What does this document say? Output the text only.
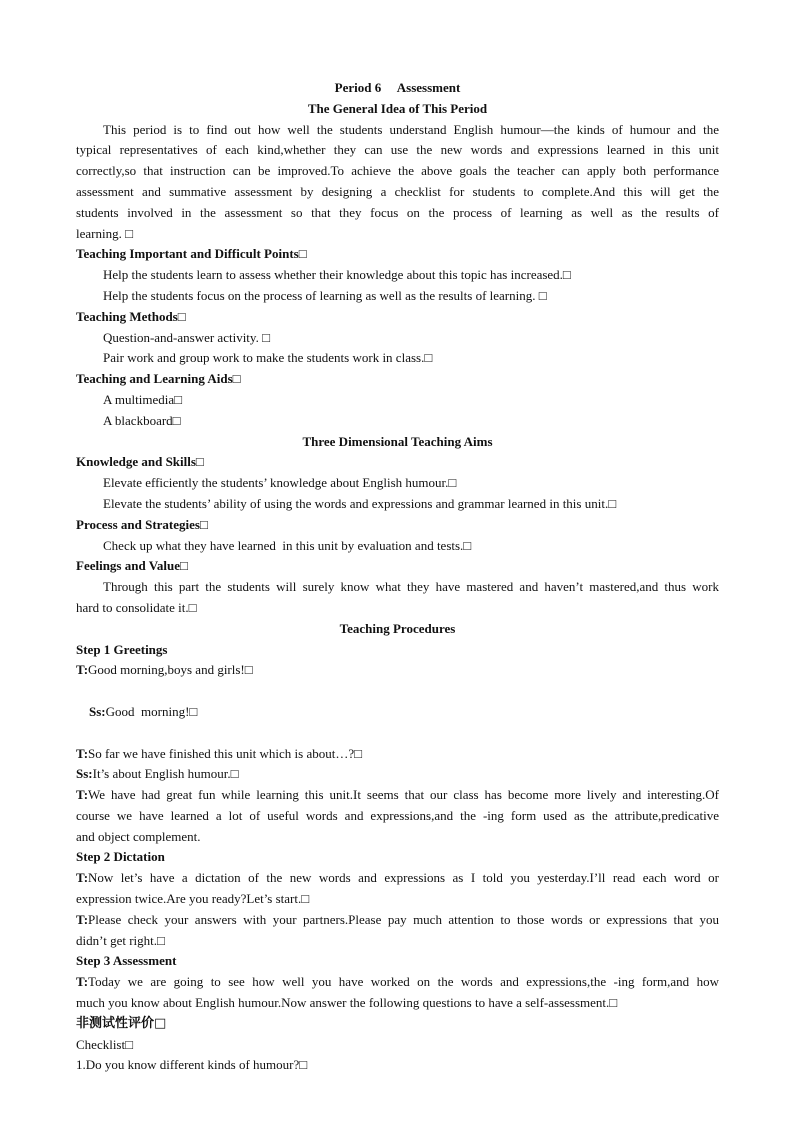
Period 6     Assessment
The General Idea of This Period
This period is to find out how well the students understand English humour—the kinds of humour and the
typical representatives of each kind,whether they can use the new words and expressions learned in this unit
correctly,so that instruction can be improved.To achieve the above goals the teacher can apply both performance
assessment and summative assessment by designing a checklist for students to complete.And this will get the
students involved in the assessment so that they focus on the process of learning as well as the results of
learning. □
Teaching Important and Difficult Points□
Help the students learn to assess whether their knowledge about this topic has increased.□
Help the students focus on the process of learning as well as the results of learning. □
Teaching Methods□
Question-and-answer activity. □
Pair work and group work to make the students work in class.□
Teaching and Learning Aids□
A multimedia□
A blackboard□
Three Dimensional Teaching Aims
Knowledge and Skills□
Elevate efficiently the students’ knowledge about English humour.□
Elevate the students’ ability of using the words and expressions and grammar learned in this unit.□
Process and Strategies□
Check up what they have learned  in this unit by evaluation and tests.□
Feelings and Value□
Through this part the students will surely know what they have mastered and haven’t mastered,and thus work
hard to consolidate it.□
Teaching Procedures
Step 1 Greetings
T:Good morning,boys and girls!□

Ss:Good  morning!□

T:So far we have finished this unit which is about…?□
Ss:It’s about English humour.□
T:We have had great fun while learning this unit.It seems that our class has become more lively and interesting.Of
course we have learned a lot of useful words and expressions,and the -ing form used as the attribute,predicative
and object complement.
Step 2 Dictation
T:Now let’s have a dictation of the new words and expressions as I told you yesterday.I’ll read each word or
expression twice.Are you ready?Let’s start.□
T:Please check your answers with your partners.Please pay much attention to those words or expressions that you
didn’t get right.□
Step 3 Assessment
T:Today we are going to see how well you have worked on the words and expressions,the -ing form,and how
much you know about English humour.Now answer the following questions to have a self-assessment.□
非测试性评价□
Checklist□
1.Do you know different kinds of humour?□
